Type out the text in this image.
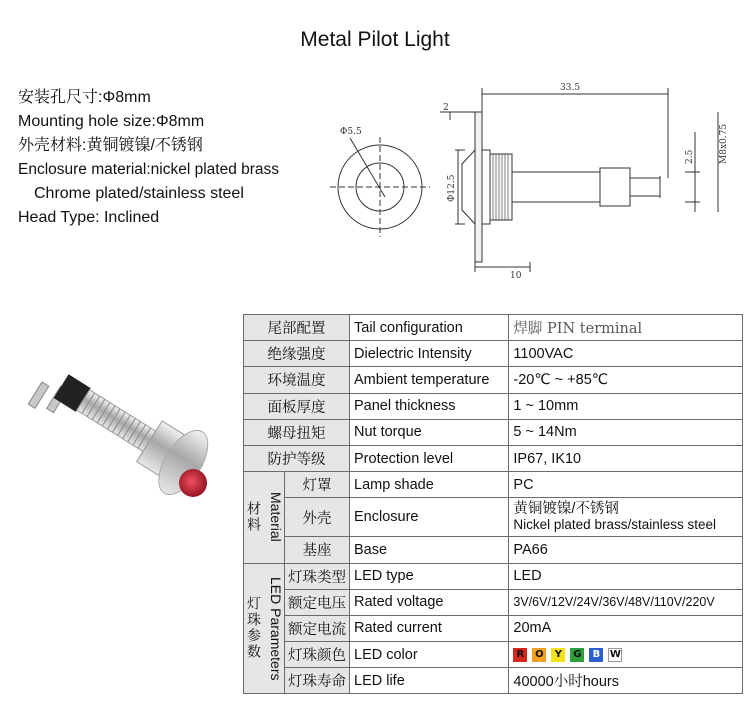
Metal Pilot Light
安装孔尺寸:Φ8mm
Mounting hole size:Φ8mm
外壳材料:黄铜镀镍/不锈钢
Enclosure material:nickel plated brass
Chrome plated/stainless steel
Head Type: Inclined
Φ5.5
33.5
2
Φ12.5
2.5	M8x0.75
10
尾部配置		Tail configuration	焊脚 PIN terminal
绝缘强度		Dielectric Intensity	1100VAC
环境温度		Ambient temperature	-20℃ ~ +85℃
面板厚度		Panel thickness	1 ~ 10mm
螺母扭矩		Nut torque	5 ~ 14Nm
防护等级		Protection level	IP67, IK10

Material
材料	灯罩	Lamp shade	PC
	外壳	Enclosure	黄铜镀镍/不锈钢
Nickel plated brass/stainless steel

	基座	Base	PA66

LED Parameters
灯珠参数	灯珠类型	LED type	LED
	额定电压	Rated voltage	3V/6V/12V/24V/36V/48V/110V/220V
	额定电流	Rated current	20mA
	灯珠颜色	LED color	R O Y G B W
	灯珠寿命	LED life	40000小时hours
